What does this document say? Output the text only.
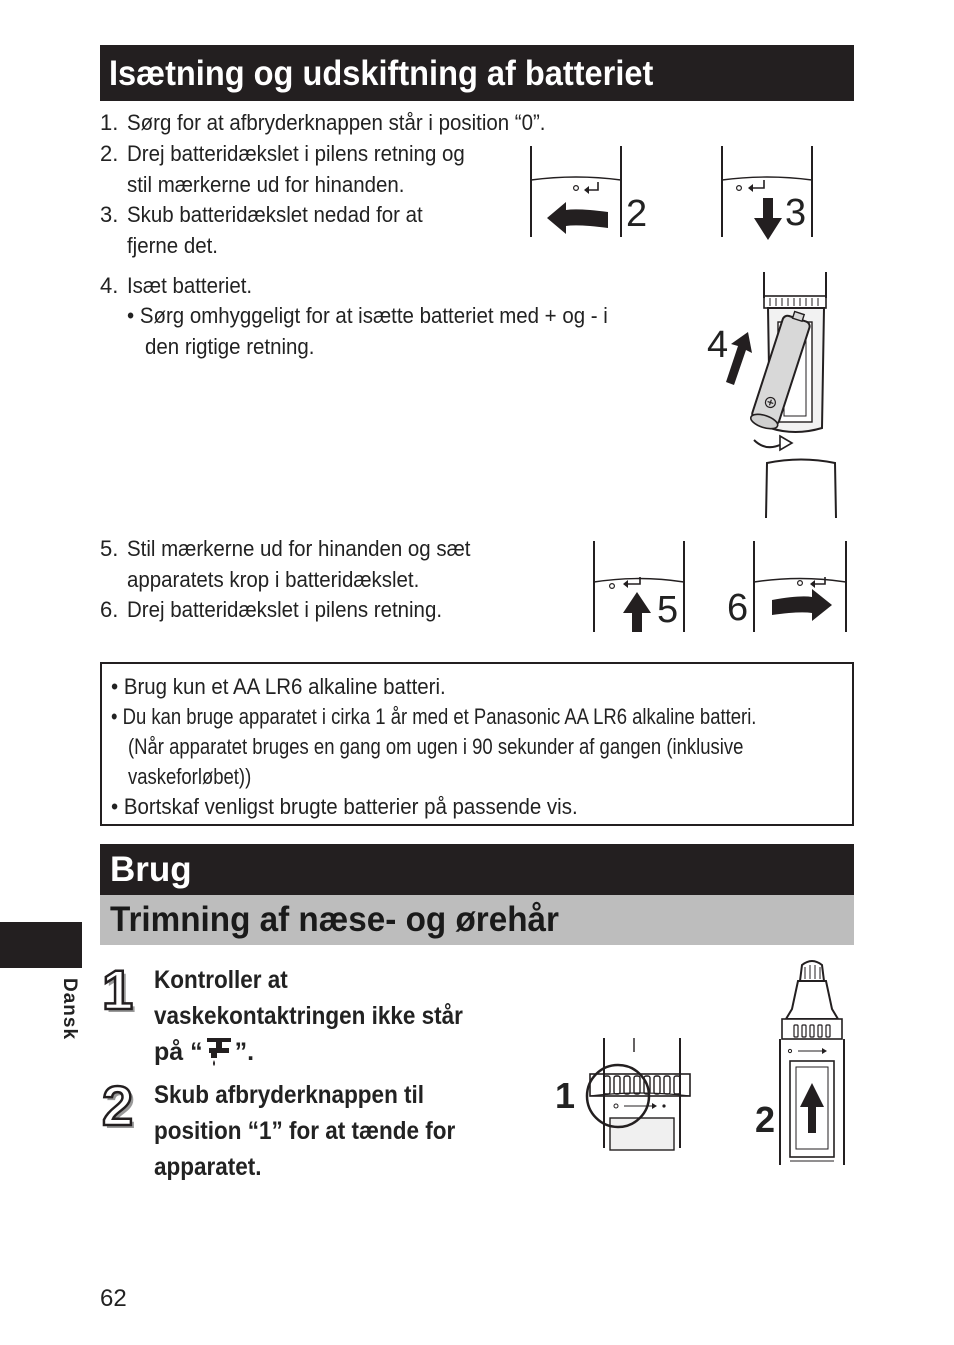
Isætning og udskiftning af batteriet
1. Sørg for at afbryderknappen står i position “0”.
2. Drej batteridækslet i pilens retning og
stil mærkerne ud for hinanden.
3. Skub batteridækslet nedad for at
fjerne det.
2	3
4. Isæt batteriet.
• Sørg omhyggeligt for at isætte batteriet med + og - i

den rigtige retning.	4
5. Stil mærkerne ud for hinanden og sæt
apparatets krop i batteridækslet.
6. Drej batteridækslet i pilens retning.	5 6
• Brug kun et AA LR6 alkaline batteri.
• Du kan bruge apparatet i cirka 1 år med et Panasonic AA LR6 alkaline batteri.
(Når apparatet bruges en gang om ugen i 90 sekunder af gangen (inklusive
vaskeforløbet))
• Bortskaf venligst brugte batterier på passende vis.
Brug
Trimning af næse- og ørehår
Dansk 1 Kontroller at
vaskekontaktringen ikke står
på “ ”.
2 Skub afbryderknappen til
position “1” for at tænde for
apparatet.
1
2
62
